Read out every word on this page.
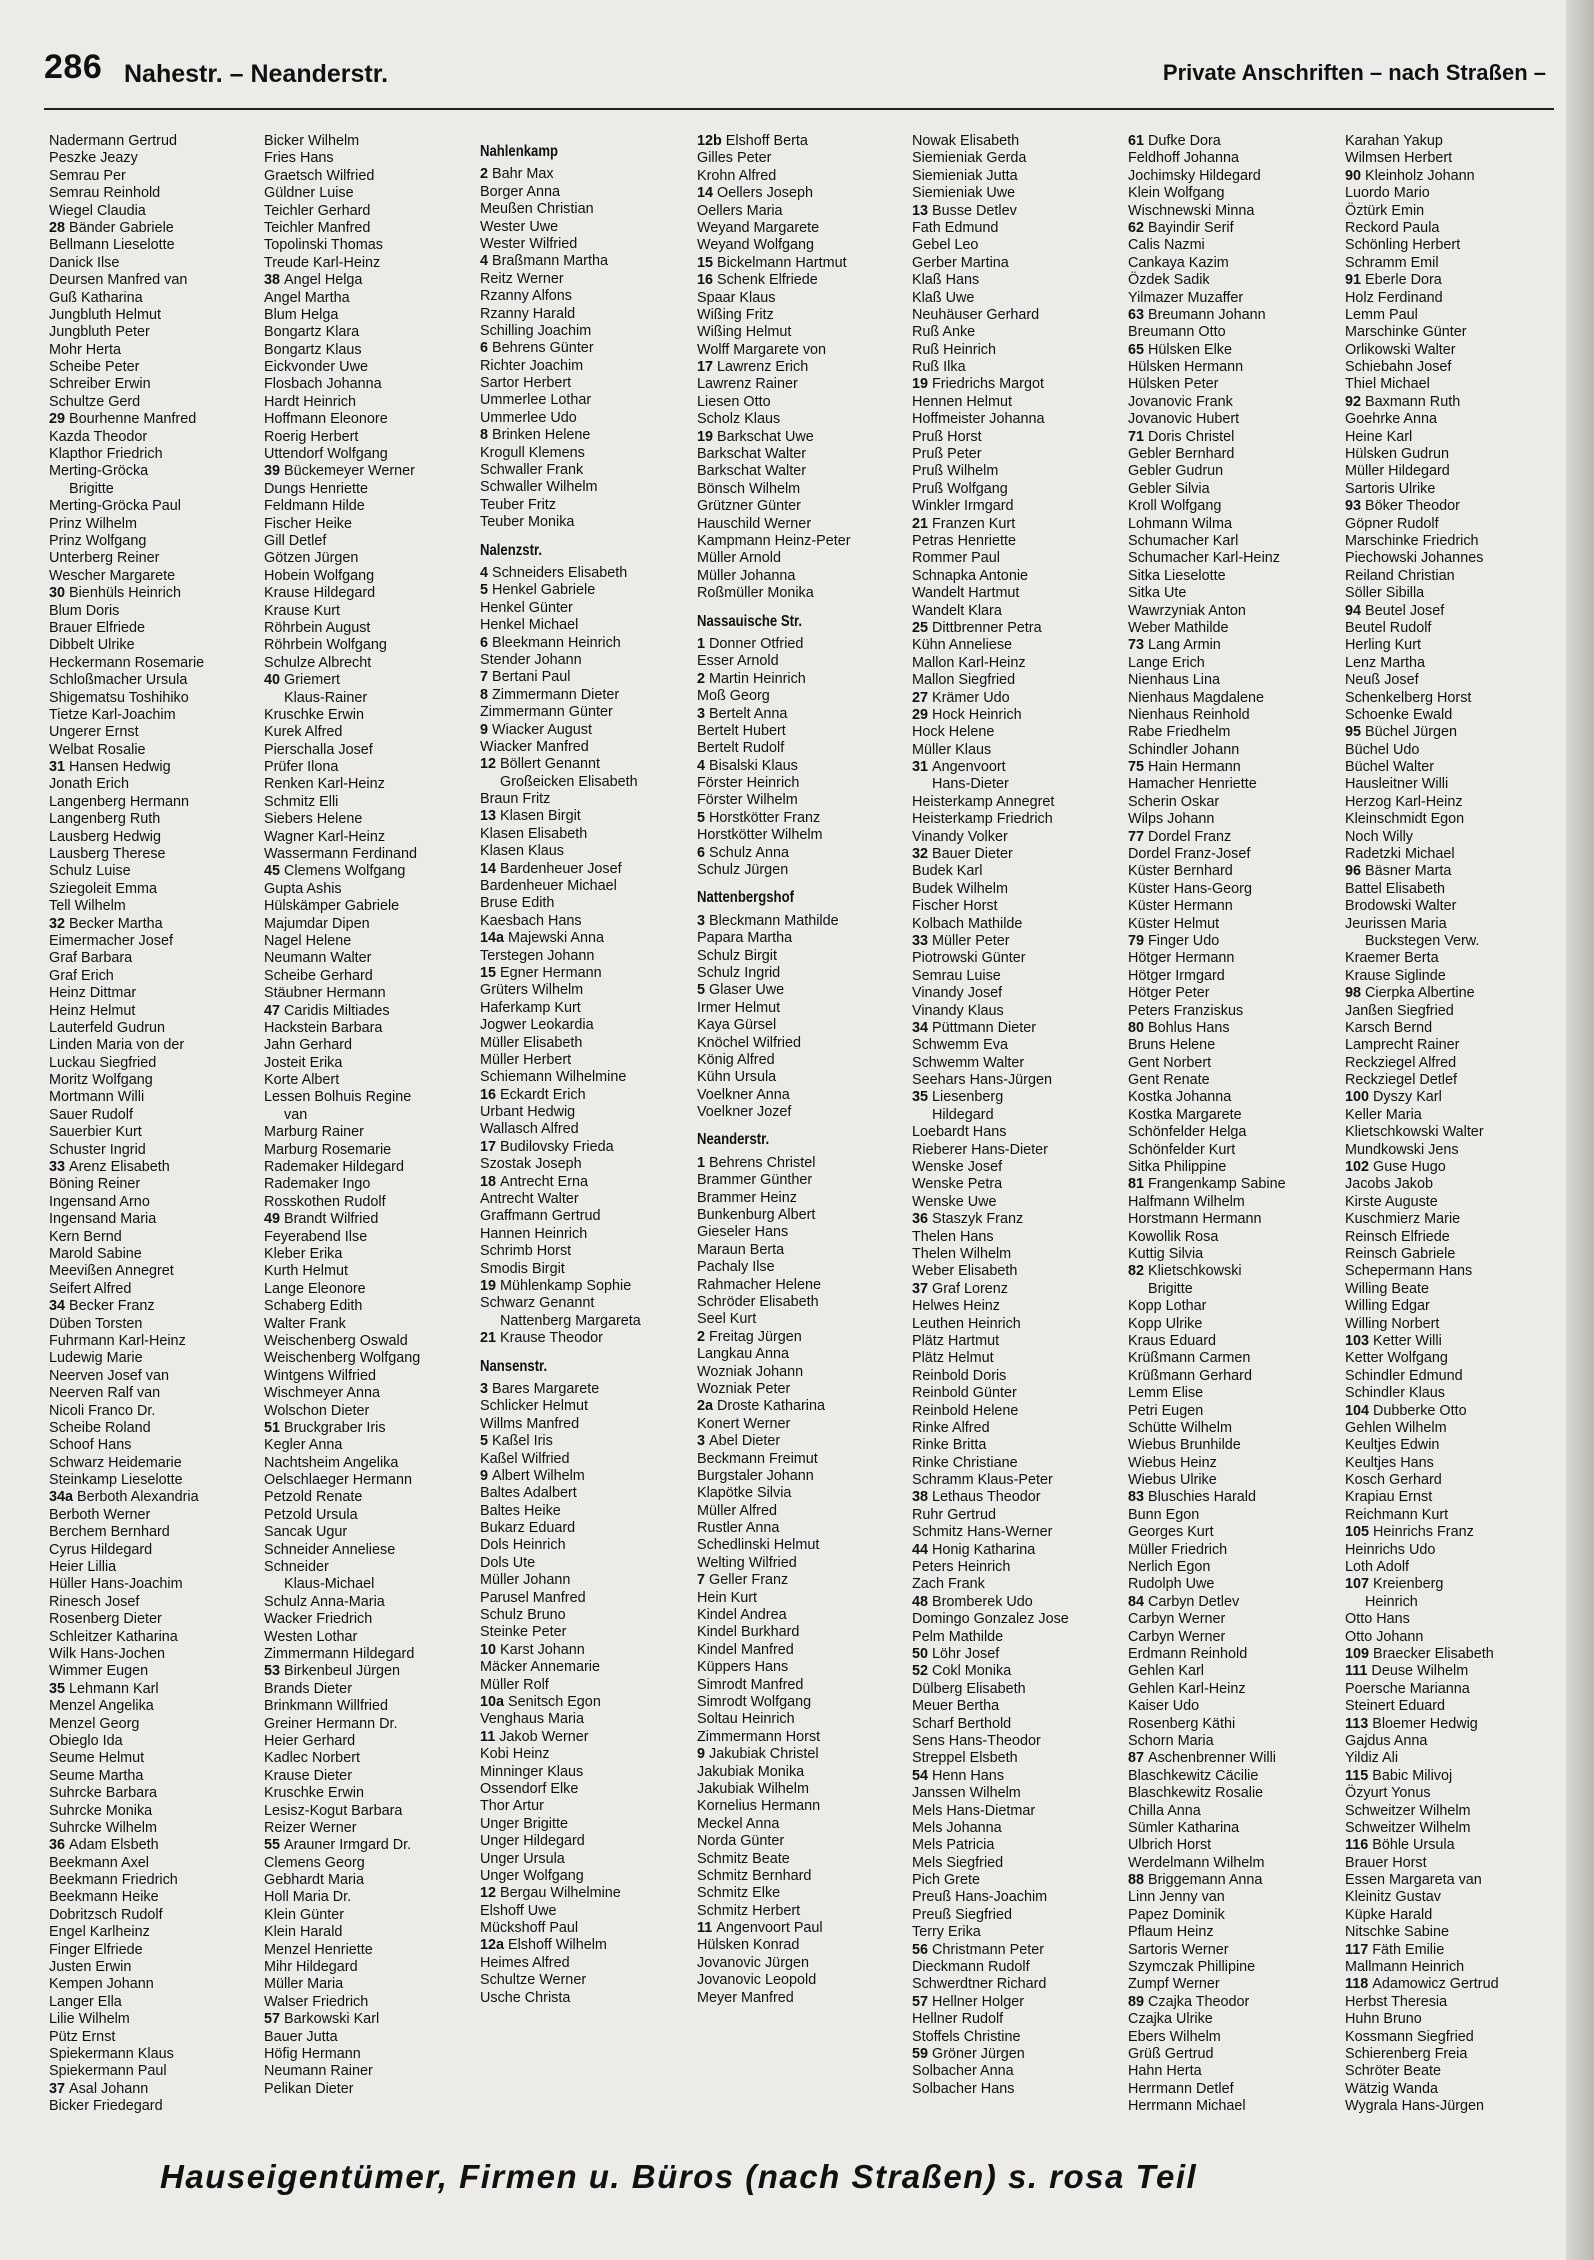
286 Nahestr. – Neanderstr.	Private Anschriften – nach Straßen –
Nadermann Gertrud
Peszke Jeazy
Semrau Per
Semrau Reinhold
Wiegel Claudia
28 Bänder Gabriele
Bellmann Lieselotte
Danick Ilse
Deursen Manfred van
Guß Katharina
Jungbluth Helmut
Jungbluth Peter
Mohr Herta
Scheibe Peter
Schreiber Erwin
Schultze Gerd
29 Bourhenne Manfred
Kazda Theodor
Klapthor Friedrich
Merting-Gröcka
Brigitte
Merting-Gröcka Paul
Prinz Wilhelm
Prinz Wolfgang
Unterberg Reiner
Wescher Margarete
30 Bienhüls Heinrich
Blum Doris
Brauer Elfriede
Dibbelt Ulrike
Heckermann Rosemarie
Schloßmacher Ursula
Shigematsu Toshihiko
Tietze Karl-Joachim
Ungerer Ernst
Welbat Rosalie
31 Hansen Hedwig
Jonath Erich
Langenberg Hermann
Langenberg Ruth
Lausberg Hedwig
Lausberg Therese
Schulz Luise
Sziegoleit Emma
Tell Wilhelm
32 Becker Martha
Eimermacher Josef
Graf Barbara
Graf Erich
Heinz Dittmar
Heinz Helmut
Lauterfeld Gudrun
Linden Maria von der
Luckau Siegfried
Moritz Wolfgang
Mortmann Willi
Sauer Rudolf
Sauerbier Kurt
Schuster Ingrid
33 Arenz Elisabeth
Böning Reiner
Ingensand Arno
Ingensand Maria
Kern Bernd
Marold Sabine
Meevißen Annegret
Seifert Alfred
34 Becker Franz
Düben Torsten
Fuhrmann Karl-Heinz
Ludewig Marie
Neerven Josef van
Neerven Ralf van
Nicoli Franco Dr.
Scheibe Roland
Schoof Hans
Schwarz Heidemarie
Steinkamp Lieselotte
34a Berboth Alexandria
Berboth Werner
Berchem Bernhard
Cyrus Hildegard
Heier Lillia
Hüller Hans-Joachim
Rinesch Josef
Rosenberg Dieter
Schleitzer Katharina
Wilk Hans-Jochen
Wimmer Eugen
35 Lehmann Karl
Menzel Angelika
Menzel Georg
Obieglo Ida
Seume Helmut
Seume Martha
Suhrcke Barbara
Suhrcke Monika
Suhrcke Wilhelm
36 Adam Elsbeth
Beekmann Axel
Beekmann Friedrich
Beekmann Heike
Dobritzsch Rudolf
Engel Karlheinz
Finger Elfriede
Justen Erwin
Kempen Johann
Langer Ella
Lilie Wilhelm
Pütz Ernst
Spiekermann Klaus
Spiekermann Paul
37 Asal Johann
Bicker Friedegard
Bicker Wilhelm
Fries Hans
Graetsch Wilfried
Güldner Luise
Teichler Gerhard
Teichler Manfred
Topolinski Thomas
Treude Karl-Heinz
38 Angel Helga
Angel Martha
Blum Helga
Bongartz Klara
Bongartz Klaus
Eickvonder Uwe
Flosbach Johanna
Hardt Heinrich
Hoffmann Eleonore
Roerig Herbert
Uttendorf Wolfgang
39 Bückemeyer Werner
Dungs Henriette
Feldmann Hilde
Fischer Heike
Gill Detlef
Götzen Jürgen
Hobein Wolfgang
Krause Hildegard
Krause Kurt
Röhrbein August
Röhrbein Wolfgang
Schulze Albrecht
40 Griemert
Klaus-Rainer
Kruschke Erwin
Kurek Alfred
Pierschalla Josef
Prüfer Ilona
Renken Karl-Heinz
Schmitz Elli
Siebers Helene
Wagner Karl-Heinz
Wassermann Ferdinand
45 Clemens Wolfgang
Gupta Ashis
Hülskämper Gabriele
Majumdar Dipen
Nagel Helene
Neumann Walter
Scheibe Gerhard
Stäubner Hermann
47 Caridis Miltiades
Hackstein Barbara
Jahn Gerhard
Josteit Erika
Korte Albert
Lessen Bolhuis Regine
van
Marburg Rainer
Marburg Rosemarie
Rademaker Hildegard
Rademaker Ingo
Rosskothen Rudolf
49 Brandt Wilfried
Feyerabend Ilse
Kleber Erika
Kurth Helmut
Lange Eleonore
Schaberg Edith
Walter Frank
Weischenberg Oswald
Weischenberg Wolfgang
Wintgens Wilfried
Wischmeyer Anna
Wolschon Dieter
51 Bruckgraber Iris
Kegler Anna
Nachtsheim Angelika
Oelschlaeger Hermann
Petzold Renate
Petzold Ursula
Sancak Ugur
Schneider Anneliese
Schneider
Klaus-Michael
Schulz Anna-Maria
Wacker Friedrich
Westen Lothar
Zimmermann Hildegard
53 Birkenbeul Jürgen
Brands Dieter
Brinkmann Willfried
Greiner Hermann Dr.
Heier Gerhard
Kadlec Norbert
Krause Dieter
Kruschke Erwin
Lesisz-Kogut Barbara
Reizer Werner
55 Arauner Irmgard Dr.
Clemens Georg
Gebhardt Maria
Holl Maria Dr.
Klein Günter
Klein Harald
Menzel Henriette
Mihr Hildegard
Müller Maria
Walser Friedrich
57 Barkowski Karl
Bauer Jutta
Höfig Hermann
Neumann Rainer
Pelikan Dieter
Nahlenkamp
2 Bahr Max
Borger Anna
Meußen Christian
Wester Uwe
Wester Wilfried
4 Braßmann Martha
Reitz Werner
Rzanny Alfons
Rzanny Harald
Schilling Joachim
6 Behrens Günter
Richter Joachim
Sartor Herbert
Ummerlee Lothar
Ummerlee Udo
8 Brinken Helene
Krogull Klemens
Schwaller Frank
Schwaller Wilhelm
Teuber Fritz
Teuber Monika
Nalenzstr.
4 Schneiders Elisabeth
5 Henkel Gabriele
Henkel Günter
Henkel Michael
6 Bleekmann Heinrich
Stender Johann
7 Bertani Paul
8 Zimmermann Dieter
Zimmermann Günter
9 Wiacker August
Wiacker Manfred
12 Böllert Genannt
Großeicken Elisabeth
Braun Fritz
13 Klasen Birgit
Klasen Elisabeth
Klasen Klaus
14 Bardenheuer Josef
Bardenheuer Michael
Bruse Edith
Kaesbach Hans
14a Majewski Anna
Terstegen Johann
15 Egner Hermann
Grüters Wilhelm
Haferkamp Kurt
Jogwer Leokardia
Müller Elisabeth
Müller Herbert
Schiemann Wilhelmine
16 Eckardt Erich
Urbant Hedwig
Wallasch Alfred
17 Budilovsky Frieda
Szostak Joseph
18 Antrecht Erna
Antrecht Walter
Graffmann Gertrud
Hannen Heinrich
Schrimb Horst
Smodis Birgit
19 Mühlenkamp Sophie
Schwarz Genannt
Nattenberg Margareta
21 Krause Theodor
Nansenstr.
3 Bares Margarete
Schlicker Helmut
Willms Manfred
5 Kaßel Iris
Kaßel Wilfried
9 Albert Wilhelm
Baltes Adalbert
Baltes Heike
Bukarz Eduard
Dols Heinrich
Dols Ute
Müller Johann
Parusel Manfred
Schulz Bruno
Steinke Peter
10 Karst Johann
Mäcker Annemarie
Müller Rolf
10a Senitsch Egon
Venghaus Maria
11 Jakob Werner
Kobi Heinz
Minninger Klaus
Ossendorf Elke
Thor Artur
Unger Brigitte
Unger Hildegard
Unger Ursula
Unger Wolfgang
12 Bergau Wilhelmine
Elshoff Uwe
Mückshoff Paul
12a Elshoff Wilhelm
Heimes Alfred
Schultze Werner
Usche Christa
12b Elshoff Berta
Gilles Peter
Krohn Alfred
14 Oellers Joseph
Oellers Maria
Weyand Margarete
Weyand Wolfgang
15 Bickelmann Hartmut
16 Schenk Elfriede
Spaar Klaus
Wißing Fritz
Wißing Helmut
Wolff Margarete von
17 Lawrenz Erich
Lawrenz Rainer
Liesen Otto
Scholz Klaus
19 Barkschat Uwe
Barkschat Walter
Barkschat Walter
Bönsch Wilhelm
Grützner Günter
Hauschild Werner
Kampmann Heinz-Peter
Müller Arnold
Müller Johanna
Roßmüller Monika
Nassauische Str.
1 Donner Otfried
Esser Arnold
2 Martin Heinrich
Moß Georg
3 Bertelt Anna
Bertelt Hubert
Bertelt Rudolf
4 Bisalski Klaus
Förster Heinrich
Förster Wilhelm
5 Horstkötter Franz
Horstkötter Wilhelm
6 Schulz Anna
Schulz Jürgen
Nattenbergshof
3 Bleckmann Mathilde
Papara Martha
Schulz Birgit
Schulz Ingrid
5 Glaser Uwe
Irmer Helmut
Kaya Gürsel
Knöchel Wilfried
König Alfred
Kühn Ursula
Voelkner Anna
Voelkner Jozef
Neanderstr.
1 Behrens Christel
Brammer Günther
Brammer Heinz
Bunkenburg Albert
Gieseler Hans
Maraun Berta
Pachaly Ilse
Rahmacher Helene
Schröder Elisabeth
Seel Kurt
2 Freitag Jürgen
Langkau Anna
Wozniak Johann
Wozniak Peter
2a Droste Katharina
Konert Werner
3 Abel Dieter
Beckmann Freimut
Burgstaler Johann
Klapötke Silvia
Müller Alfred
Rustler Anna
Schedlinski Helmut
Welting Wilfried
7 Geller Franz
Hein Kurt
Kindel Andrea
Kindel Burkhard
Kindel Manfred
Küppers Hans
Simrodt Manfred
Simrodt Wolfgang
Soltau Heinrich
Zimmermann Horst
9 Jakubiak Christel
Jakubiak Monika
Jakubiak Wilhelm
Kornelius Hermann
Meckel Anna
Norda Günter
Schmitz Beate
Schmitz Bernhard
Schmitz Elke
Schmitz Herbert
11 Angenvoort Paul
Hülsken Konrad
Jovanovic Jürgen
Jovanovic Leopold
Meyer Manfred
Nowak Elisabeth
Siemieniak Gerda
Siemieniak Jutta
Siemieniak Uwe
13 Busse Detlev
Fath Edmund
Gebel Leo
Gerber Martina
Klaß Hans
Klaß Uwe
Neuhäuser Gerhard
Ruß Anke
Ruß Heinrich
Ruß Ilka
19 Friedrichs Margot
Hennen Helmut
Hoffmeister Johanna
Pruß Horst
Pruß Peter
Pruß Wilhelm
Pruß Wolfgang
Winkler Irmgard
21 Franzen Kurt
Petras Henriette
Rommer Paul
Schnapka Antonie
Wandelt Hartmut
Wandelt Klara
25 Dittbrenner Petra
Kühn Anneliese
Mallon Karl-Heinz
Mallon Siegfried
27 Krämer Udo
29 Hock Heinrich
Hock Helene
Müller Klaus
31 Angenvoort
Hans-Dieter
Heisterkamp Annegret
Heisterkamp Friedrich
Vinandy Volker
32 Bauer Dieter
Budek Karl
Budek Wilhelm
Fischer Horst
Kolbach Mathilde
33 Müller Peter
Piotrowski Günter
Semrau Luise
Vinandy Josef
Vinandy Klaus
34 Püttmann Dieter
Schwemm Eva
Schwemm Walter
Seehars Hans-Jürgen
35 Liesenberg
Hildegard
Loebardt Hans
Rieberer Hans-Dieter
Wenske Josef
Wenske Petra
Wenske Uwe
36 Staszyk Franz
Thelen Hans
Thelen Wilhelm
Weber Elisabeth
37 Graf Lorenz
Helwes Heinz
Leuthen Heinrich
Plätz Hartmut
Plätz Helmut
Reinbold Doris
Reinbold Günter
Reinbold Helene
Rinke Alfred
Rinke Britta
Rinke Christiane
Schramm Klaus-Peter
38 Lethaus Theodor
Ruhr Gertrud
Schmitz Hans-Werner
44 Honig Katharina
Peters Heinrich
Zach Frank
48 Bromberek Udo
Domingo Gonzalez Jose
Pelm Mathilde
50 Löhr Josef
52 Cokl Monika
Dülberg Elisabeth
Meuer Bertha
Scharf Berthold
Sens Hans-Theodor
Streppel Elsbeth
54 Henn Hans
Janssen Wilhelm
Mels Hans-Dietmar
Mels Johanna
Mels Patricia
Mels Siegfried
Pich Grete
Preuß Hans-Joachim
Preuß Siegfried
Terry Erika
56 Christmann Peter
Dieckmann Rudolf
Schwerdtner Richard
57 Hellner Holger
Hellner Rudolf
Stoffels Christine
59 Gröner Jürgen
Solbacher Anna
Solbacher Hans
61 Dufke Dora
Feldhoff Johanna
Jochimsky Hildegard
Klein Wolfgang
Wischnewski Minna
62 Bayindir Serif
Calis Nazmi
Cankaya Kazim
Özdek Sadik
Yilmazer Muzaffer
63 Breumann Johann
Breumann Otto
65 Hülsken Elke
Hülsken Hermann
Hülsken Peter
Jovanovic Frank
Jovanovic Hubert
71 Doris Christel
Gebler Bernhard
Gebler Gudrun
Gebler Silvia
Kroll Wolfgang
Lohmann Wilma
Schumacher Karl
Schumacher Karl-Heinz
Sitka Lieselotte
Sitka Ute
Wawrzyniak Anton
Weber Mathilde
73 Lang Armin
Lange Erich
Nienhaus Lina
Nienhaus Magdalene
Nienhaus Reinhold
Rabe Friedhelm
Schindler Johann
75 Hain Hermann
Hamacher Henriette
Scherin Oskar
Wilps Johann
77 Dordel Franz
Dordel Franz-Josef
Küster Bernhard
Küster Hans-Georg
Küster Hermann
Küster Helmut
79 Finger Udo
Hötger Hermann
Hötger Irmgard
Hötger Peter
Peters Franziskus
80 Bohlus Hans
Bruns Helene
Gent Norbert
Gent Renate
Kostka Johanna
Kostka Margarete
Schönfelder Helga
Schönfelder Kurt
Sitka Philippine
81 Frangenkamp Sabine
Halfmann Wilhelm
Horstmann Hermann
Kowollik Rosa
Kuttig Silvia
82 Klietschkowski
Brigitte
Kopp Lothar
Kopp Ulrike
Kraus Eduard
Krüßmann Carmen
Krüßmann Gerhard
Lemm Elise
Petri Eugen
Schütte Wilhelm
Wiebus Brunhilde
Wiebus Heinz
Wiebus Ulrike
83 Bluschies Harald
Bunn Egon
Georges Kurt
Müller Friedrich
Nerlich Egon
Rudolph Uwe
84 Carbyn Detlev
Carbyn Werner
Carbyn Werner
Erdmann Reinhold
Gehlen Karl
Gehlen Karl-Heinz
Kaiser Udo
Rosenberg Käthi
Schorn Maria
87 Aschenbrenner Willi
Blaschkewitz Cäcilie
Blaschkewitz Rosalie
Chilla Anna
Sümler Katharina
Ulbrich Horst
Werdelmann Wilhelm
88 Briggemann Anna
Linn Jenny van
Papez Dominik
Pflaum Heinz
Sartoris Werner
Szymczak Phillipine
Zumpf Werner
89 Czajka Theodor
Czajka Ulrike
Ebers Wilhelm
Grüß Gertrud
Hahn Herta
Herrmann Detlef
Herrmann Michael
Karahan Yakup
Wilmsen Herbert
90 Kleinholz Johann
Luordo Mario
Öztürk Emin
Reckord Paula
Schönling Herbert
Schramm Emil
91 Eberle Dora
Holz Ferdinand
Lemm Paul
Marschinke Günter
Orlikowski Walter
Schiebahn Josef
Thiel Michael
92 Baxmann Ruth
Goehrke Anna
Heine Karl
Hülsken Gudrun
Müller Hildegard
Sartoris Ulrike
93 Böker Theodor
Göpner Rudolf
Marschinke Friedrich
Piechowski Johannes
Reiland Christian
Söller Sibilla
94 Beutel Josef
Beutel Rudolf
Herling Kurt
Lenz Martha
Neuß Josef
Schenkelberg Horst
Schoenke Ewald
95 Büchel Jürgen
Büchel Udo
Büchel Walter
Hausleitner Willi
Herzog Karl-Heinz
Kleinschmidt Egon
Noch Willy
Radetzki Michael
96 Bäsner Marta
Battel Elisabeth
Brodowski Walter
Jeurissen Maria
Buckstegen Verw.
Kraemer Berta
Krause Siglinde
98 Cierpka Albertine
Janßen Siegfried
Karsch Bernd
Lamprecht Rainer
Reckziegel Alfred
Reckziegel Detlef
100 Dyszy Karl
Keller Maria
Klietschkowski Walter
Mundkowski Jens
102 Guse Hugo
Jacobs Jakob
Kirste Auguste
Kuschmierz Marie
Reinsch Elfriede
Reinsch Gabriele
Schepermann Hans
Willing Beate
Willing Edgar
Willing Norbert
103 Ketter Willi
Ketter Wolfgang
Schindler Edmund
Schindler Klaus
104 Dubberke Otto
Gehlen Wilhelm
Keultjes Edwin
Keultjes Hans
Kosch Gerhard
Krapiau Ernst
Reichmann Kurt
105 Heinrichs Franz
Heinrichs Udo
Loth Adolf
107 Kreienberg
Heinrich
Otto Hans
Otto Johann
109 Braecker Elisabeth
111 Deuse Wilhelm
Poersche Marianna
Steinert Eduard
113 Bloemer Hedwig
Gajdus Anna
Yildiz Ali
115 Babic Milivoj
Özyurt Yonus
Schweitzer Wilhelm
Schweitzer Wilhelm
116 Böhle Ursula
Brauer Horst
Essen Margareta van
Kleinitz Gustav
Küpke Harald
Nitschke Sabine
117 Fäth Emilie
Mallmann Heinrich
118 Adamowicz Gertrud
Herbst Theresia
Huhn Bruno
Kossmann Siegfried
Schierenberg Freia
Schröter Beate
Wätzig Wanda
Wygrala Hans-Jürgen
Hauseigentümer, Firmen u. Büros (nach Straßen) s. rosa Teil
